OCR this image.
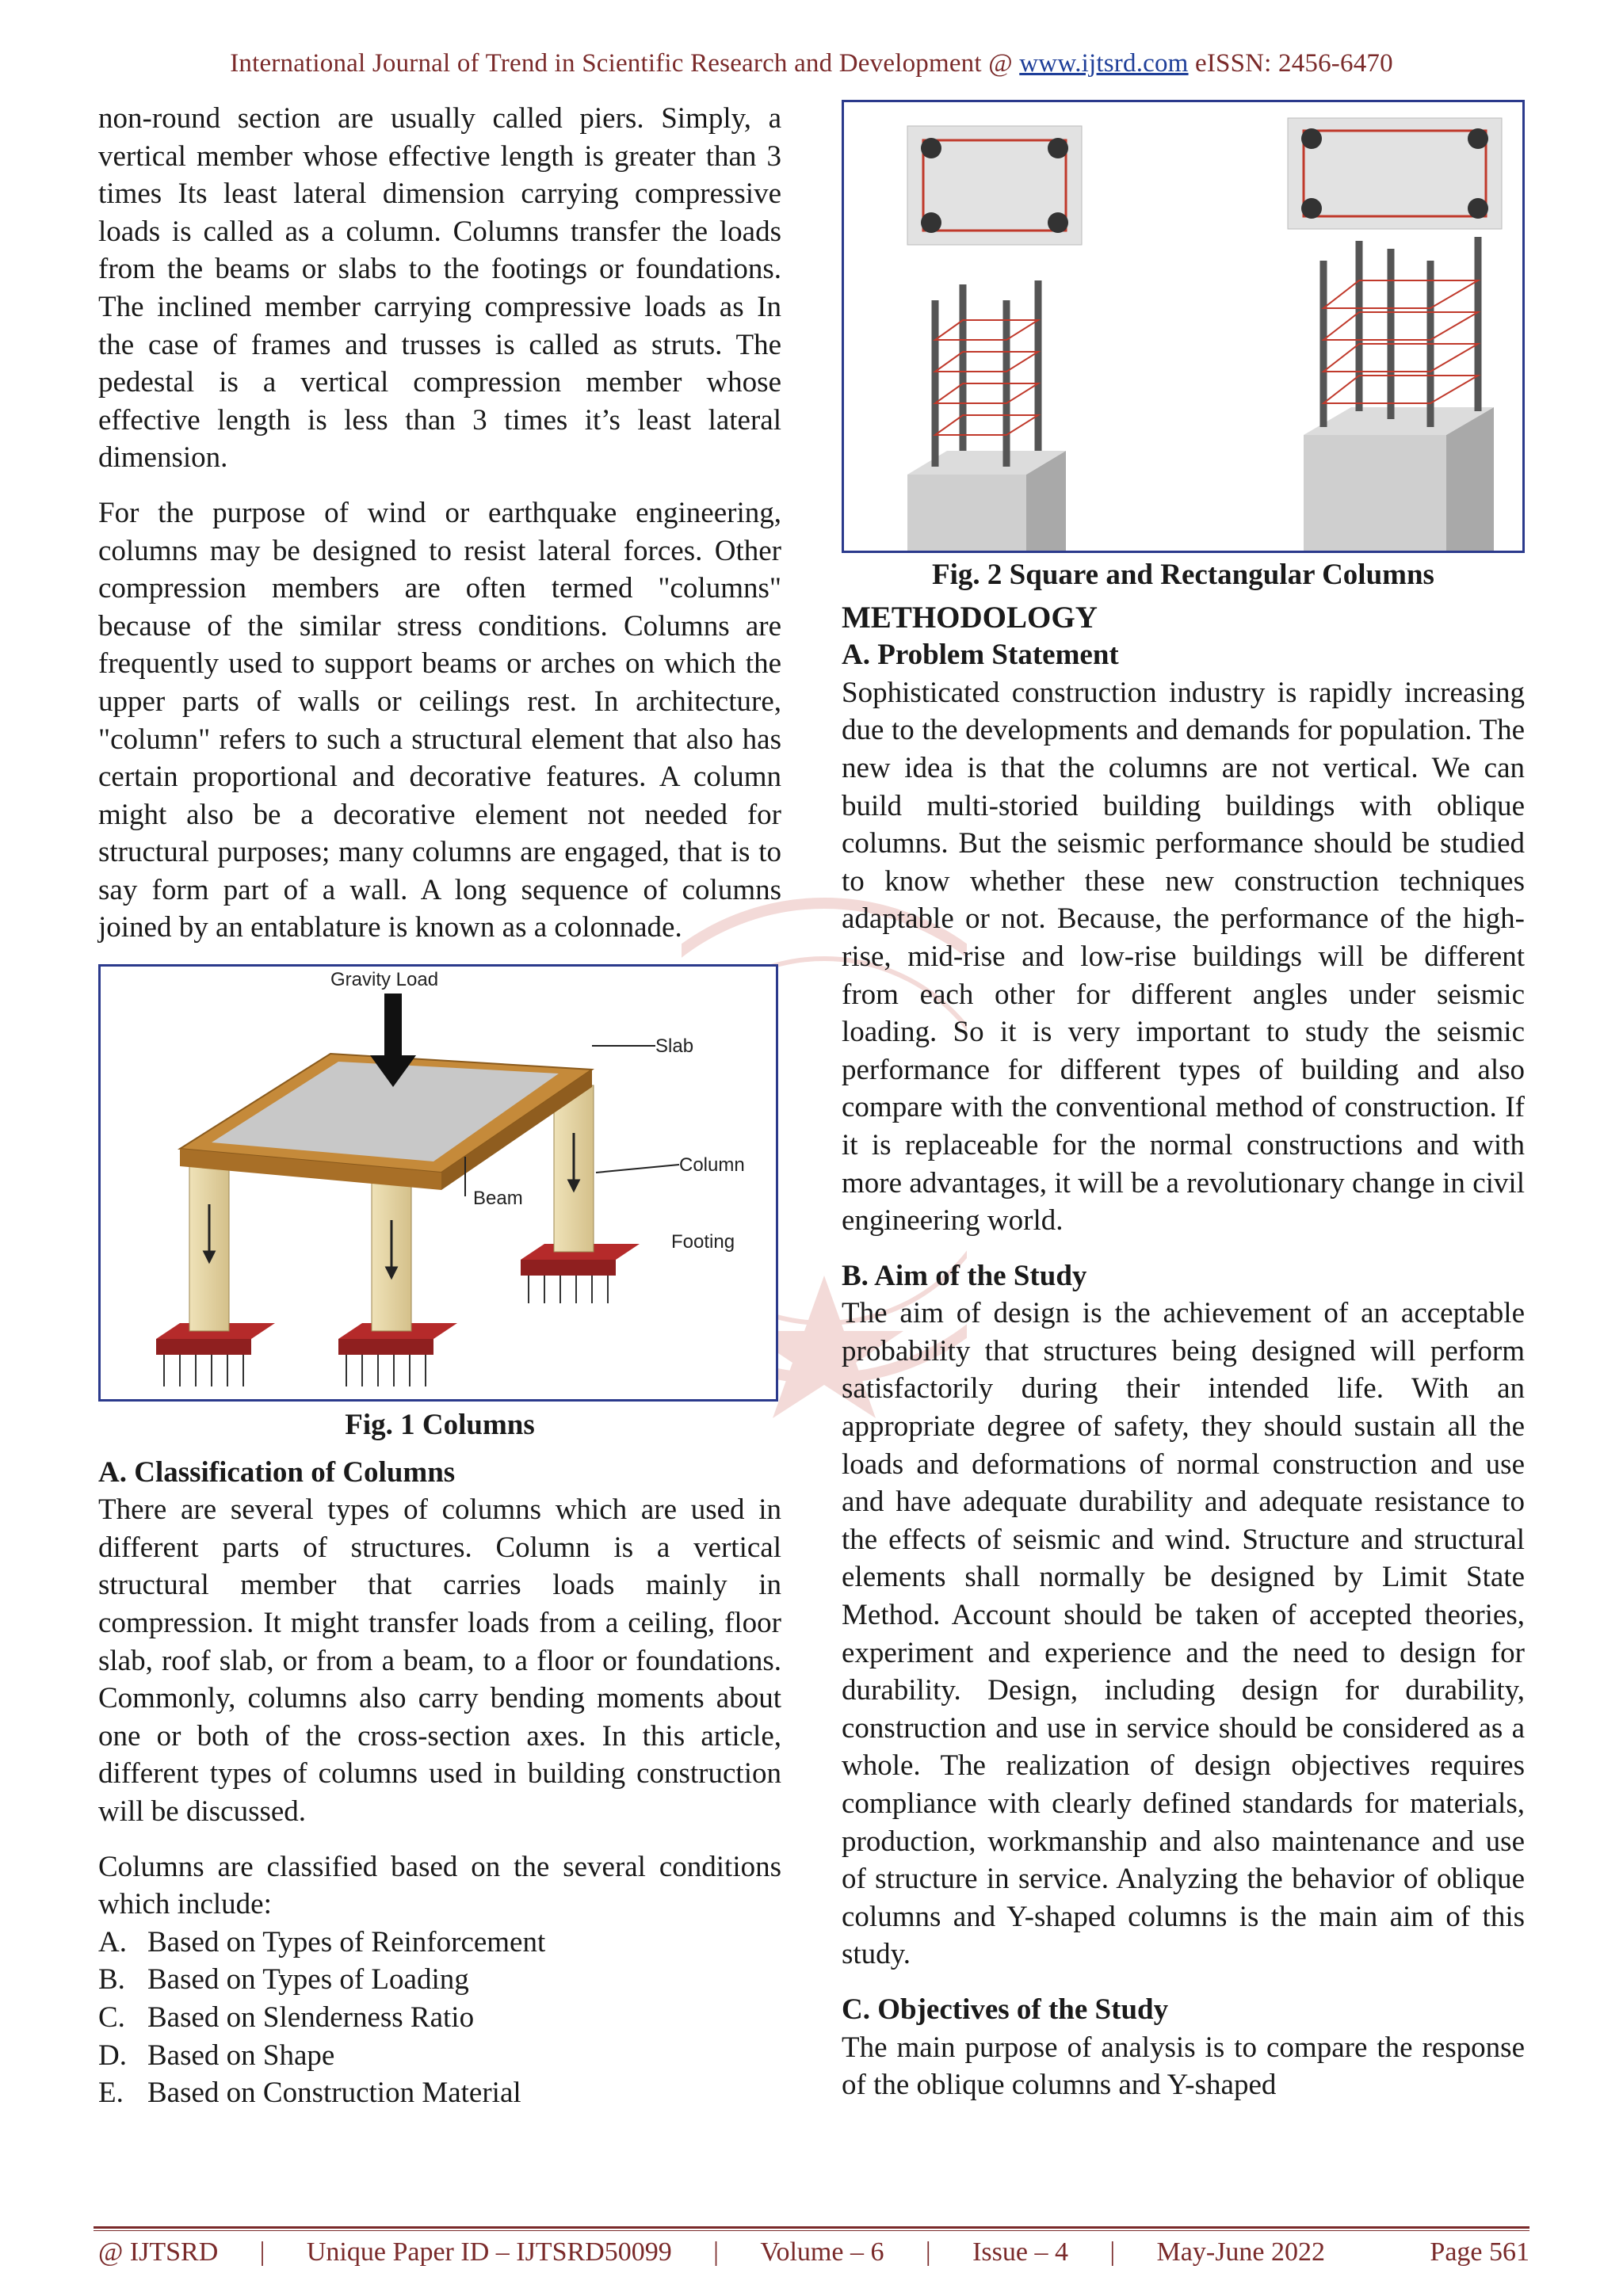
International Journal of Trend in Scientific Research and Development @ www.ijtsrd.com eISSN: 2456-6470

non-round section are usually called piers. Simply, a vertical member whose effective length is greater than 3 times Its least lateral dimension carrying compressive loads is called as a column. Columns transfer the loads from the beams or slabs to the footings or foundations. The inclined member carrying compressive loads as In the case of frames and trusses is called as struts. The pedestal is a vertical compression member whose effective length is less than 3 times it’s least lateral dimension.

For the purpose of wind or earthquake engineering, columns may be designed to resist lateral forces. Other compression members are often termed "columns" because of the similar stress conditions. Columns are frequently used to support beams or arches on which the upper parts of walls or ceilings rest. In architecture, "column" refers to such a structural element that also has certain proportional and decorative features. A column might also be a decorative element not needed for structural purposes; many columns are engaged, that is to say form part of a wall. A long sequence of columns joined by an entablature is known as a colonnade.

Gravity Load
Slab
Column
Beam
Footing
Fig. 1 Columns
A. Classification of Columns

There are several types of columns which are used in different parts of structures. Column is a vertical structural member that carries loads mainly in compression. It might transfer loads from a ceiling, floor slab, roof slab, or from a beam, to a floor or foundations. Commonly, columns also carry bending moments about one or both of the cross-section axes. In this article, different types of columns used in building construction will be discussed.

Columns are classified based on the several conditions which include:

A. Based on Types of Reinforcement
B. Based on Types of Loading
C. Based on Slenderness Ratio
D. Based on Shape
E. Based on Construction Material
Fig. 2 Square and Rectangular Columns
METHODOLOGY
A. Problem Statement

Sophisticated construction industry is rapidly increasing due to the developments and demands for population. The new idea is that the columns are not vertical. We can build multi-storied building buildings with oblique columns. But the seismic performance should be studied to know whether these new construction techniques adaptable or not. Because, the performance of the high-rise, mid-rise and low-rise buildings will be different from each other for different angles under seismic loading. So it is very important to study the seismic performance for different types of building and also compare with the conventional method of construction. If it is replaceable for the normal constructions and with more advantages, it will be a revolutionary change in civil engineering world.

B. Aim of the Study

The aim of design is the achievement of an acceptable probability that structures being designed will perform satisfactorily during their intended life. With an appropriate degree of safety, they should sustain all the loads and deformations of normal construction and use and have adequate durability and adequate resistance to the effects of seismic and wind. Structure and structural elements shall normally be designed by Limit State Method. Account should be taken of accepted theories, experiment and experience and the need to design for durability. Design, including design for durability, construction and use in service should be considered as a whole. The realization of design objectives requires compliance with clearly defined standards for materials, production, workmanship and also maintenance and use of structure in service. Analyzing the behavior of oblique columns and Y-shaped columns is the main aim of this study.

C. Objectives of the Study

The main purpose of analysis is to compare the response of the oblique columns and Y-shaped

@ IJTSRD | Unique Paper ID – IJTSRD50099 | Volume – 6 | Issue – 4 | May-June 2022	Page 561
